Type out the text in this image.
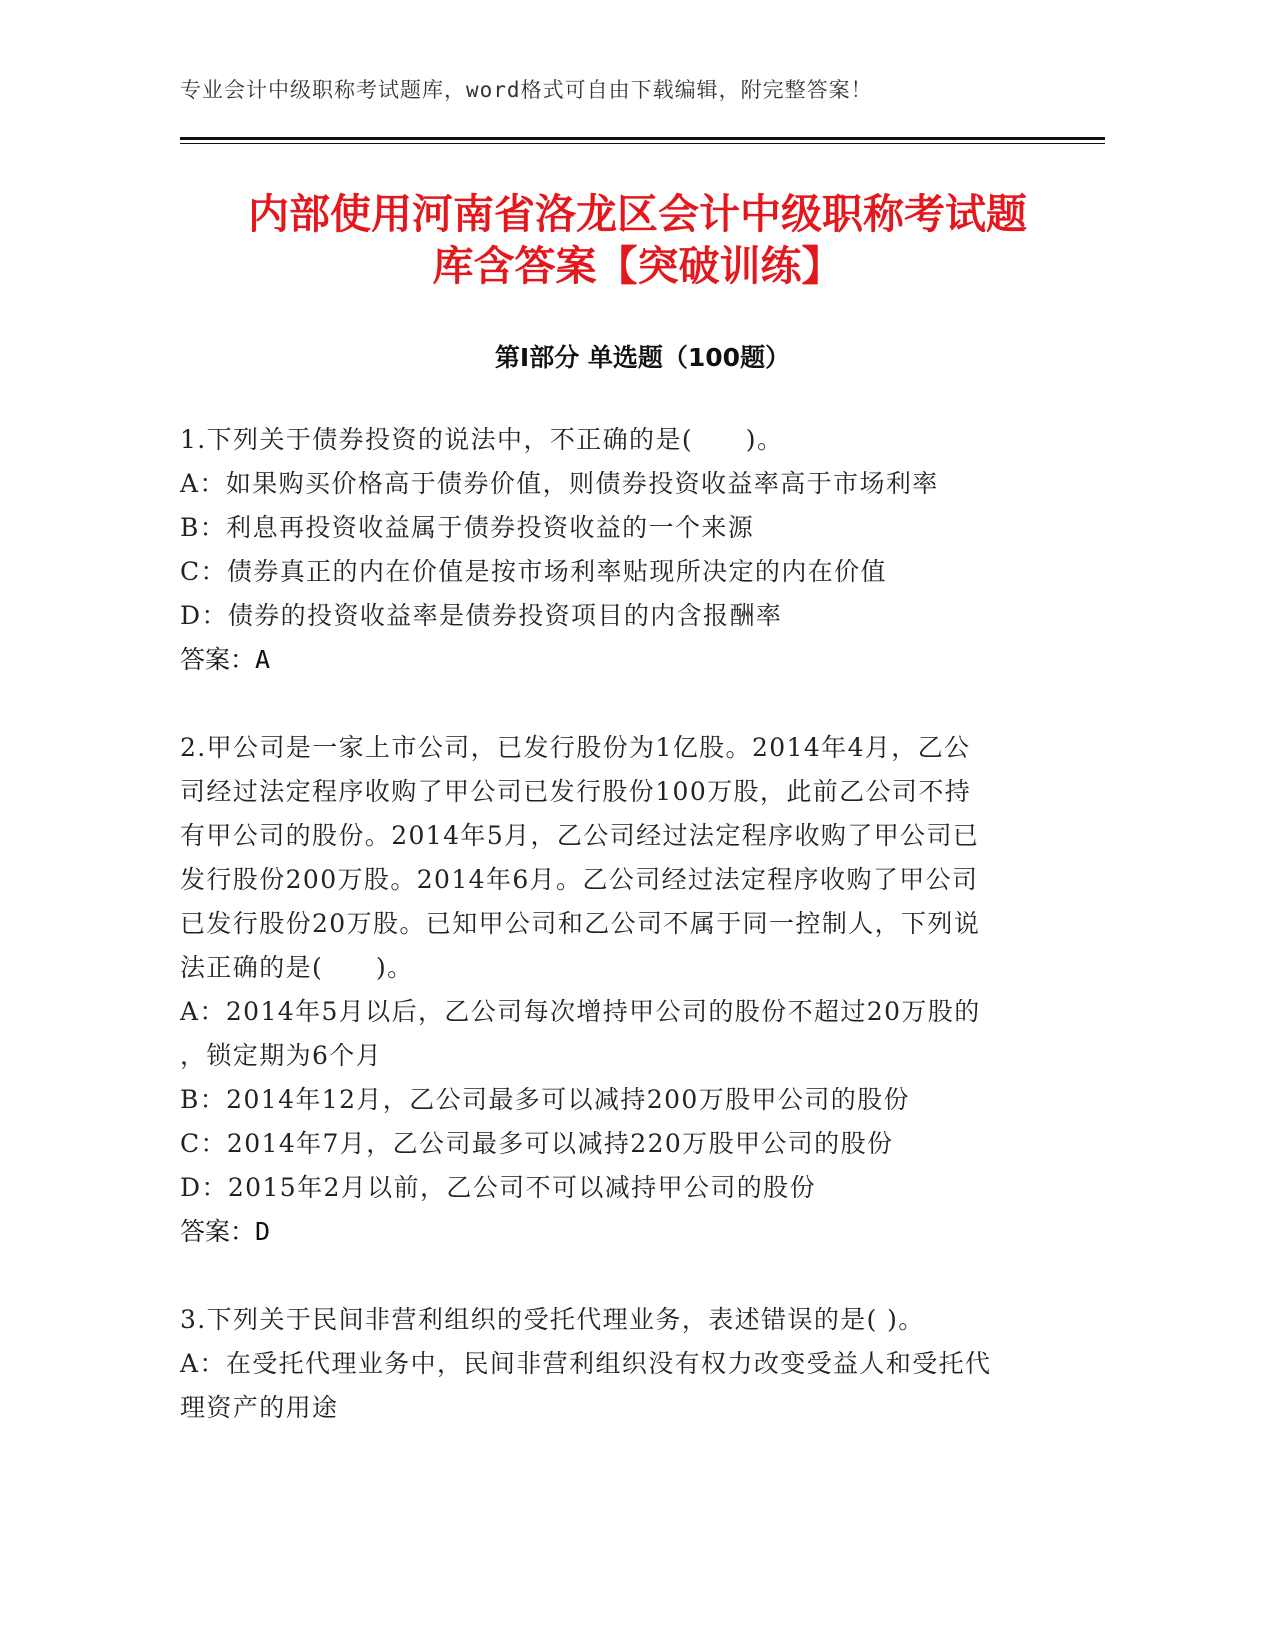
专业会计中级职称考试题库，word格式可自由下载编辑，附完整答案！
内部使用河南省洛龙区会计中级职称考试题
库含答案【突破训练】
第Ⅰ部分 单选题（100题）
1.下列关于债券投资的说法中，不正确的是(　　)。
A：如果购买价格高于债券价值，则债券投资收益率高于市场利率
B：利息再投资收益属于债券投资收益的一个来源
C：债券真正的内在价值是按市场利率贴现所决定的内在价值
D：债券的投资收益率是债券投资项目的内含报酬率
答案：A
2.甲公司是一家上市公司，已发行股份为1亿股。2014年4月，乙公
司经过法定程序收购了甲公司已发行股份100万股，此前乙公司不持
有甲公司的股份。2014年5月，乙公司经过法定程序收购了甲公司已
发行股份200万股。2014年6月。乙公司经过法定程序收购了甲公司
已发行股份20万股。已知甲公司和乙公司不属于同一控制人，下列说
法正确的是(　　)。
A：2014年5月以后，乙公司每次增持甲公司的股份不超过20万股的
，锁定期为6个月
B：2014年12月，乙公司最多可以减持200万股甲公司的股份
C：2014年7月，乙公司最多可以减持220万股甲公司的股份
D：2015年2月以前，乙公司不可以减持甲公司的股份
答案：D
3.下列关于民间非营利组织的受托代理业务，表述错误的是( )。
A：在受托代理业务中，民间非营利组织没有权力改变受益人和受托代
理资产的用途
